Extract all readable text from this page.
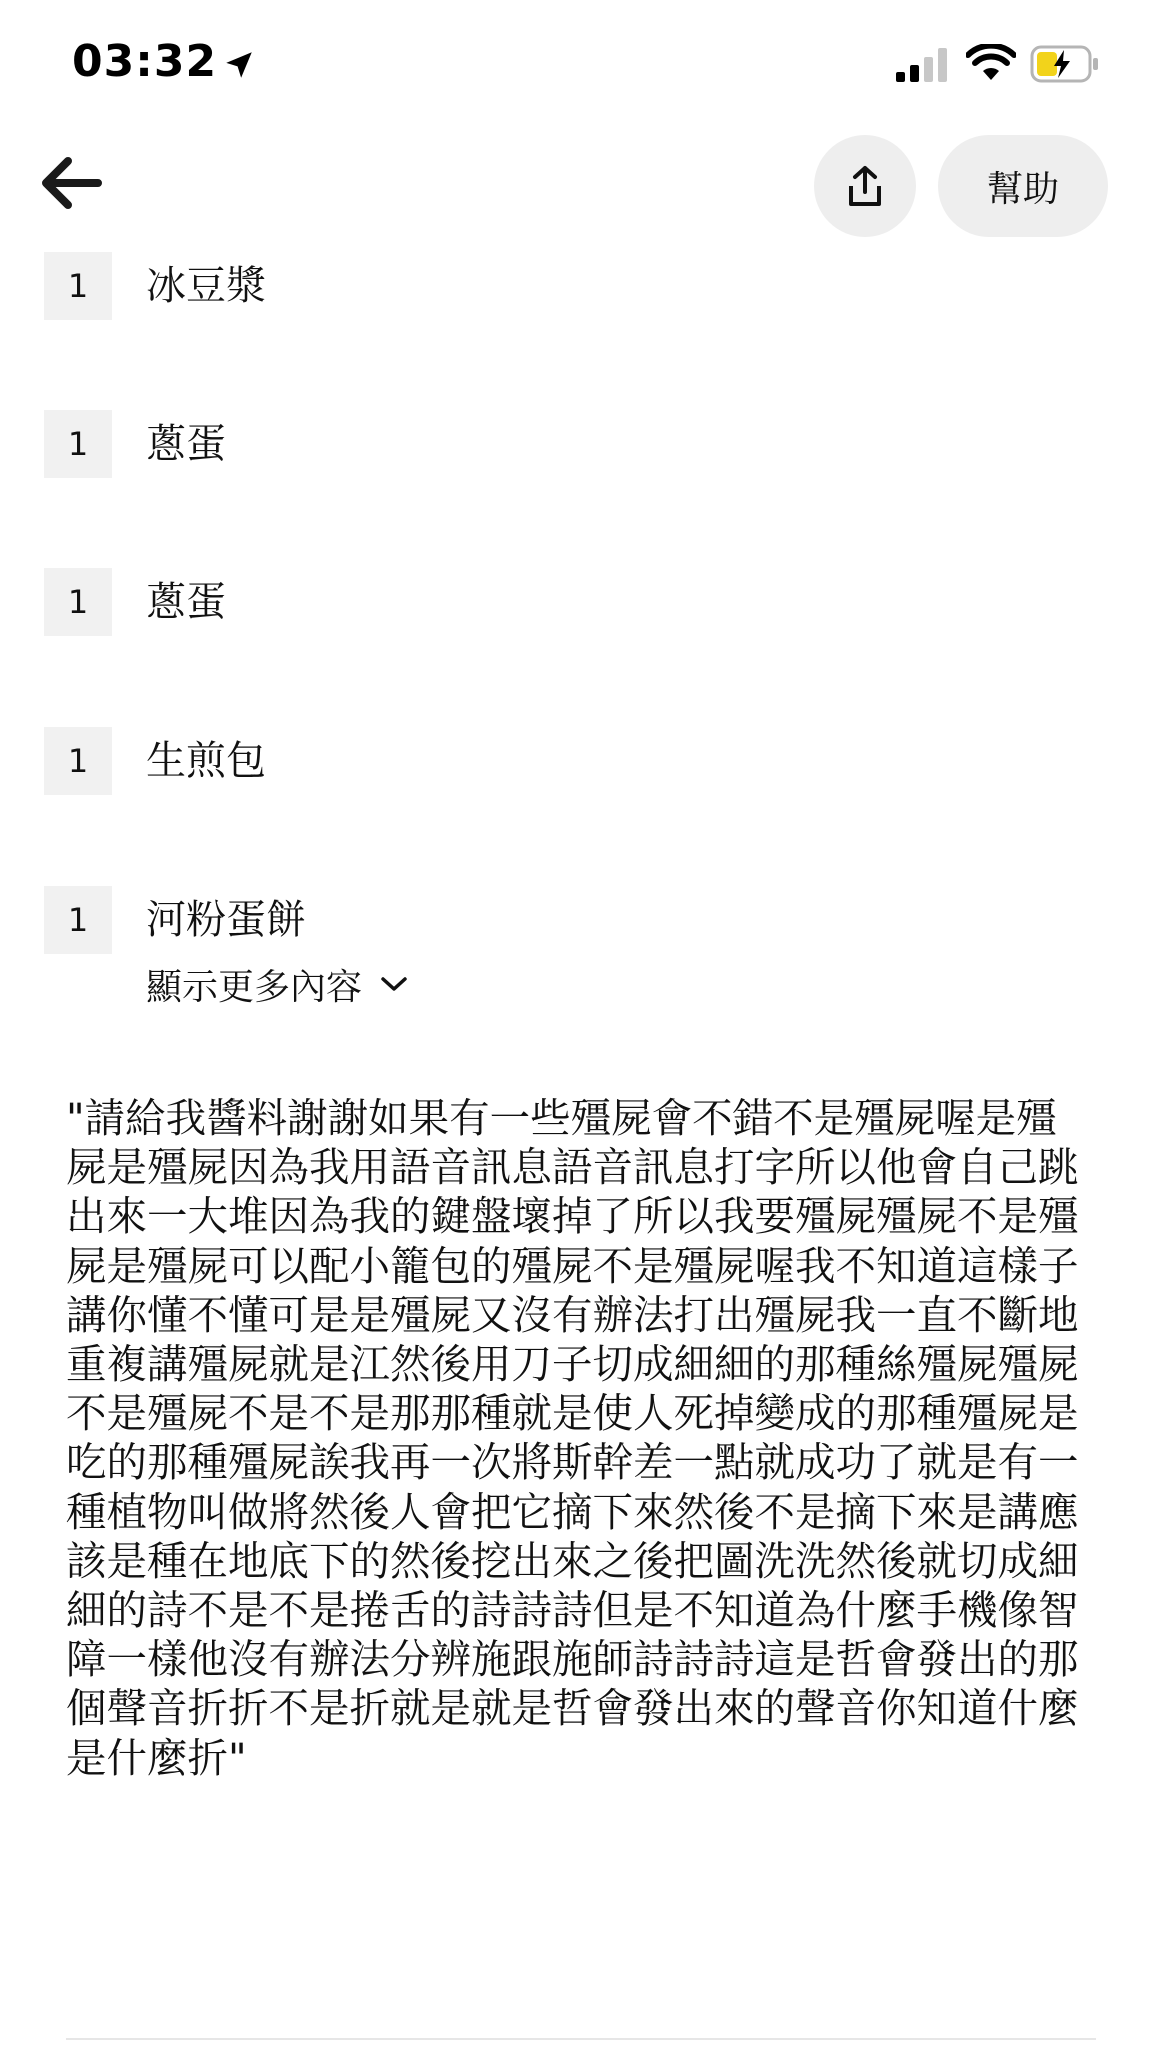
03:32
幫助
1	冰豆漿
1	蔥蛋
1	蔥蛋
1	生煎包
1	河粉蛋餅
顯示更多內容
"請給我醬料謝謝如果有一些殭屍會不錯不是殭屍喔是殭屍是殭屍因為我用語音訊息語音訊息打字所以他會自己跳出來一大堆因為我的鍵盤壞掉了所以我要殭屍殭屍不是殭屍是殭屍可以配小籠包的殭屍不是殭屍喔我不知道這樣子講你懂不懂可是是殭屍又沒有辦法打出殭屍我一直不斷地重複講殭屍就是江然後用刀子切成細細的那種絲殭屍殭屍不是殭屍不是不是那那種就是使人死掉變成的那種殭屍是吃的那種殭屍誒我再一次將斯幹差一點就成功了就是有一種植物叫做將然後人會把它摘下來然後不是摘下來是講應該是種在地底下的然後挖出來之後把圖洗洗然後就切成細細的詩不是不是捲舌的詩詩詩但是不知道為什麼手機像智障一樣他沒有辦法分辨施跟施師詩詩詩這是哲會發出的那個聲音折折不是折就是就是哲會發出來的聲音你知道什麼是什麼折"
